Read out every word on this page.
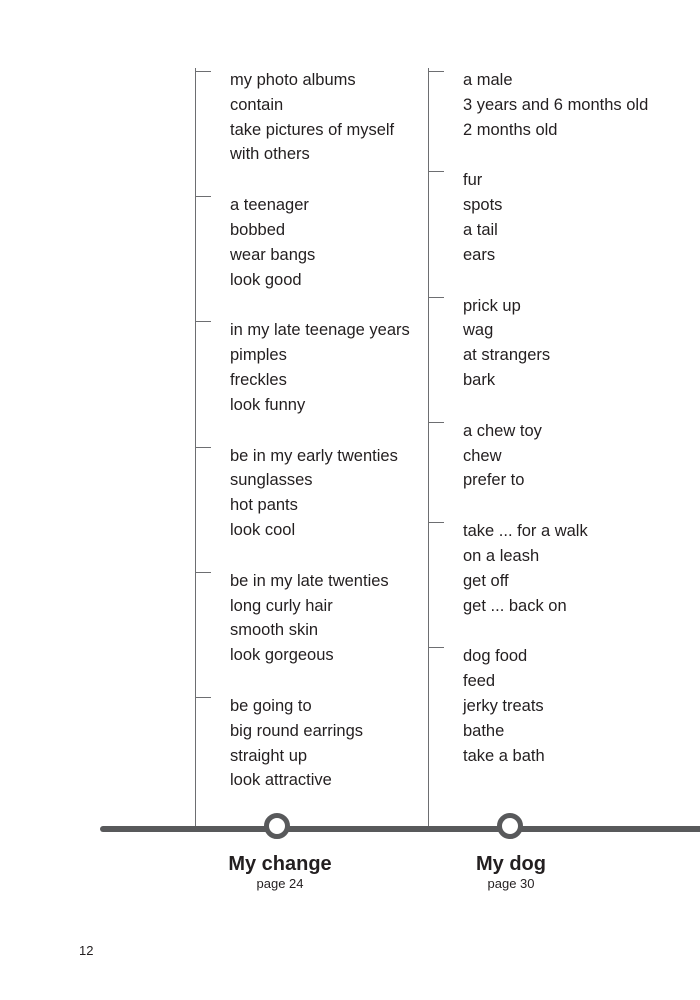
my photo albums
contain
take pictures of myself
with others
a teenager
bobbed
wear bangs
look good
in my late teenage years
pimples
freckles
look funny
be in my early twenties
sunglasses
hot pants
look cool
be in my late twenties
long curly hair
smooth skin
look gorgeous
be going to
big round earrings
straight up
look attractive
a male
3 years and 6 months old
2 months old
fur
spots
a tail
ears
prick up
wag
at strangers
bark
a chew toy
chew
prefer to
take ... for a walk
on a leash
get off
get ... back on
dog food
feed
jerky treats
bathe
take a bath
My change
page 24
My dog
page 30
12
